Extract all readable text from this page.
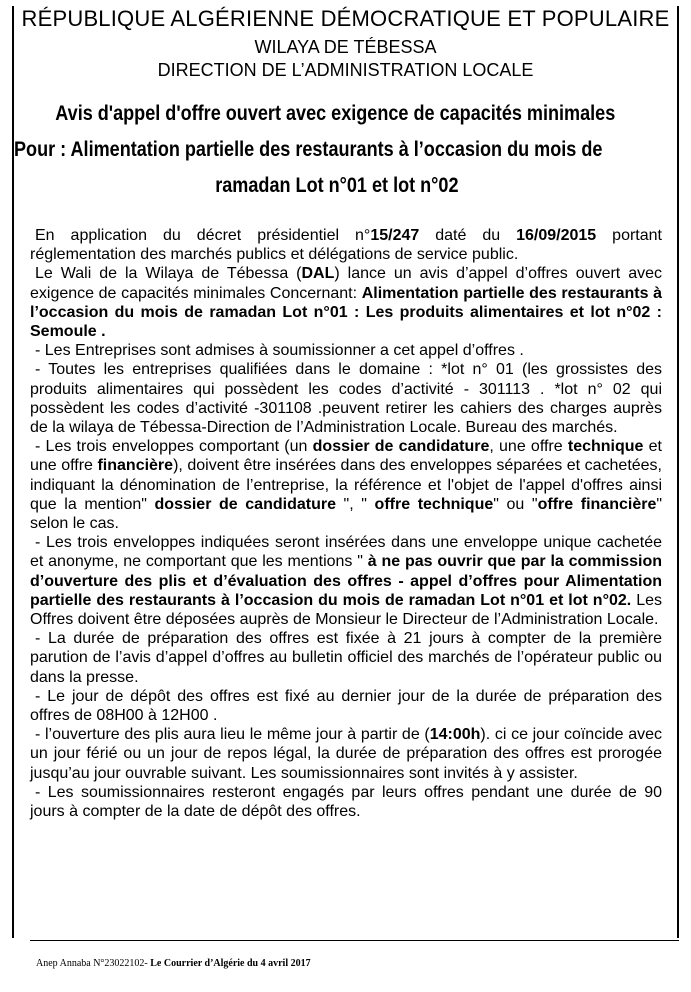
RÉPUBLIQUE ALGÉRIENNE DÉMOCRATIQUE ET POPULAIRE
WILAYA DE TÉBESSA
DIRECTION DE L’ADMINISTRATION LOCALE
Avis d'appel d'offre ouvert avec exigence de capacités minimales
Pour : Alimentation partielle des restaurants à l’occasion du mois de
ramadan Lot n°01 et lot n°02

En application du décret présidentiel n°15/247 daté du 16/09/2015 portant réglementation des marchés publics et délégations de service public.

Le Wali de la Wilaya de Tébessa (DAL) lance un avis d’appel d’offres ouvert avec exigence de capacités minimales Concernant: Alimentation partielle des restaurants à l’occasion du mois de ramadan Lot n°01 : Les produits alimentaires et lot n°02 : Semoule .

- Les Entreprises sont admises à soumissionner a cet appel d’offres .

- Toutes les entreprises qualifiées dans le domaine : *lot n° 01 (les grossistes des produits alimentaires qui possèdent les codes d’activité - 301113 . *lot n° 02 qui possèdent les codes d’activité -301108 .peuvent retirer les cahiers des charges auprès de la wilaya de Tébessa-Direction de l’Administration Locale. Bureau des marchés.

- Les trois enveloppes comportant (un dossier de candidature, une offre technique et une offre financière), doivent être insérées dans des enveloppes séparées et cachetées, indiquant la dénomination de l’entreprise, la référence et l'objet de l'appel d'offres ainsi que la mention" dossier de candidature ", " offre technique" ou "offre financière" selon le cas.

- Les trois enveloppes indiquées seront insérées dans une enveloppe unique cachetée et anonyme, ne comportant que les mentions " à ne pas ouvrir que par la commission d’ouverture des plis et d’évaluation des offres - appel d’offres pour Alimentation partielle des restaurants à l’occasion du mois de ramadan Lot n°01 et lot n°02. Les Offres doivent être déposées auprès de Monsieur le Directeur de l’Administration Locale.

- La durée de préparation des offres est fixée à 21 jours à compter de la première parution de l’avis d’appel d’offres au bulletin officiel des marchés de l’opérateur public ou dans la presse.

- Le jour de dépôt des offres est fixé au dernier jour de la durée de préparation des offres de 08H00 à 12H00 .

- l’ouverture des plis aura lieu le même jour à partir de (14:00h). ci ce jour coïncide avec un jour férié ou un jour de repos légal, la durée de préparation des offres est prorogée jusqu’au jour ouvrable suivant. Les soumissionnaires sont invités à y assister.

- Les soumissionnaires resteront engagés par leurs offres pendant une durée de 90 jours à compter de la date de dépôt des offres.

Anep Annaba N°23022102- Le Courrier d’Algérie du 4 avril 2017
